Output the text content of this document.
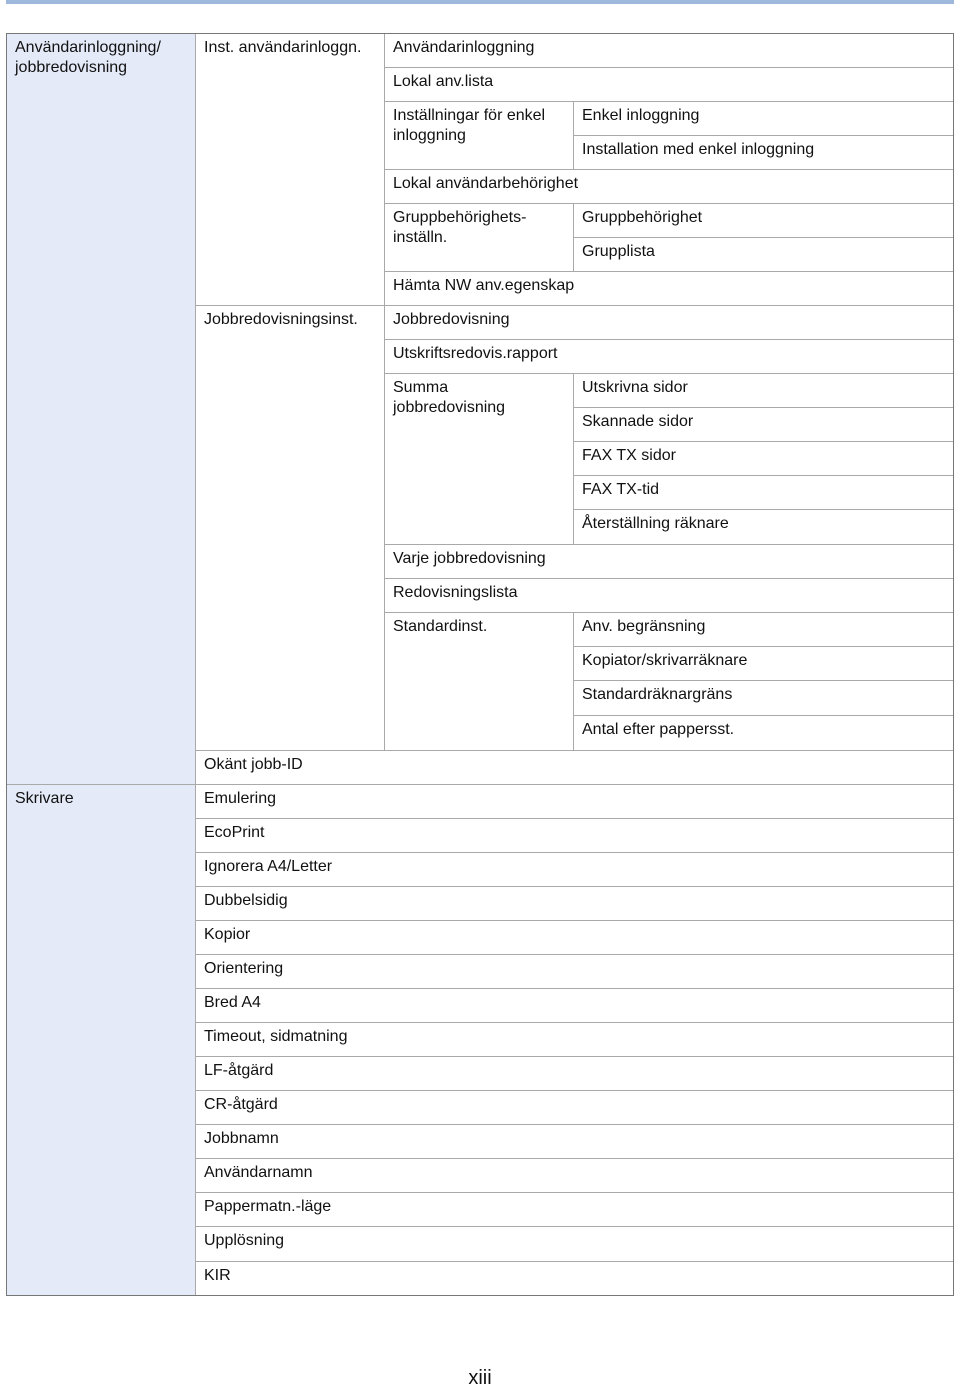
Användarinloggning/
jobbredovisning
Inst. användarinloggn.
Jobbredovisningsinst.
Okänt jobb-ID
Användarinloggning
Lokal anv.lista
Inställningar för enkel inloggning
Enkel inloggning
Installation med enkel inloggning
Lokal användarbehörighet
Gruppbehörighets-
inställn.
Gruppbehörighet
Grupplista
Hämta NW anv.egenskap
Jobbredovisning
Utskriftsredovis.rapport
Summa jobbredovisning
Utskrivna sidor
Skannade sidor
FAX TX sidor
FAX TX-tid
Återställning räknare
Varje jobbredovisning
Redovisningslista
Standardinst.	Anv. begränsning
Kopiator/skrivarräknare
Standardräknargräns
Antal efter pappersst.
Skrivare	Emulering
EcoPrint
Ignorera A4/Letter
Dubbelsidig
Kopior
Orientering
Bred A4
Timeout, sidmatning
LF-åtgärd
CR-åtgärd
Jobbnamn
Användarnamn
Pappermatn.-läge
Upplösning
KIR
xiii
